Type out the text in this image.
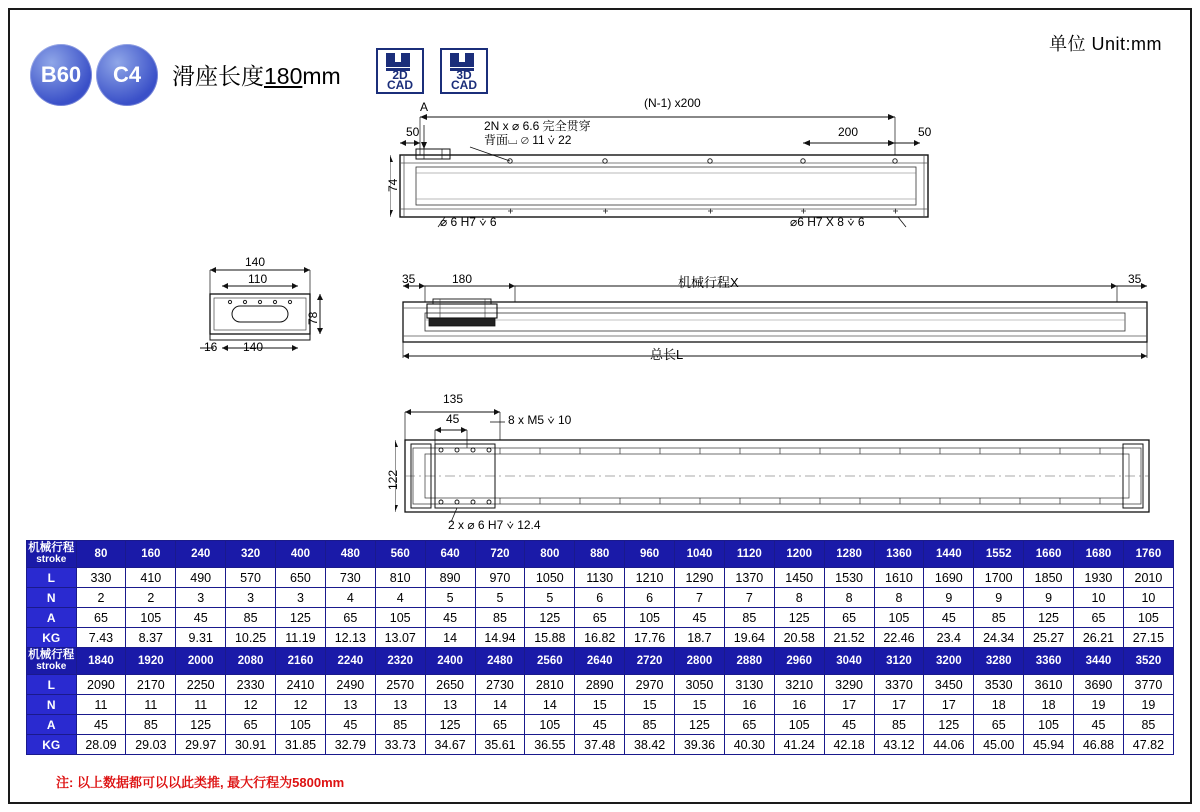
单位 Unit:mm
B60 C4 滑座长度180mm	2D
CAD
3D
CAD
(N-1) x200
200
50	50
74
A
2N x ⌀ 6.6 完全贯穿
背面⌴ ⌀ 11 ⩒ 22
⌀ 6 H7 ⩒ 6	⌀6 H7 X 8 ⩒ 6
140
110
78
16 140
35	180	机械行程X	35
总长L
135
45
122
8 x M5 ⩒ 10
2 x ⌀ 6 H7 ⩒ 12.4
机械行程
stroke	80	160	240	320	400	480	560	640	720	800	880	960	1040	1120	1200	1280	1360	1440	1552	1660	1680	1760
L	330	410	490	570	650	730	810	890	970	1050	1130	1210	1290	1370	1450	1530	1610	1690	1700	1850	1930	2010
N	2	2	3	3	3	4	4	5	5	5	6	6	7	7	8	8	8	9	9	9	10	10
A	65	105	45	85	125	65	105	45	85	125	65	105	45	85	125	65	105	45	85	125	65	105
KG	7.43	8.37	9.31	10.25	11.19	12.13	13.07	14	14.94	15.88	16.82	17.76	18.7	19.64	20.58	21.52	22.46	23.4	24.34	25.27	26.21	27.15
机械行程
stroke	1840	1920	2000	2080	2160	2240	2320	2400	2480	2560	2640	2720	2800	2880	2960	3040	3120	3200	3280	3360	3440	3520
L	2090	2170	2250	2330	2410	2490	2570	2650	2730	2810	2890	2970	3050	3130	3210	3290	3370	3450	3530	3610	3690	3770
N	11	11	11	12	12	13	13	13	14	14	15	15	15	16	16	17	17	17	18	18	19	19
A	45	85	125	65	105	45	85	125	65	105	45	85	125	65	105	45	85	125	65	105	45	85
KG	28.09	29.03	29.97	30.91	31.85	32.79	33.73	34.67	35.61	36.55	37.48	38.42	39.36	40.30	41.24	42.18	43.12	44.06	45.00	45.94	46.88	47.82
注: 以上数据都可以以此类推, 最大行程为5800mm
